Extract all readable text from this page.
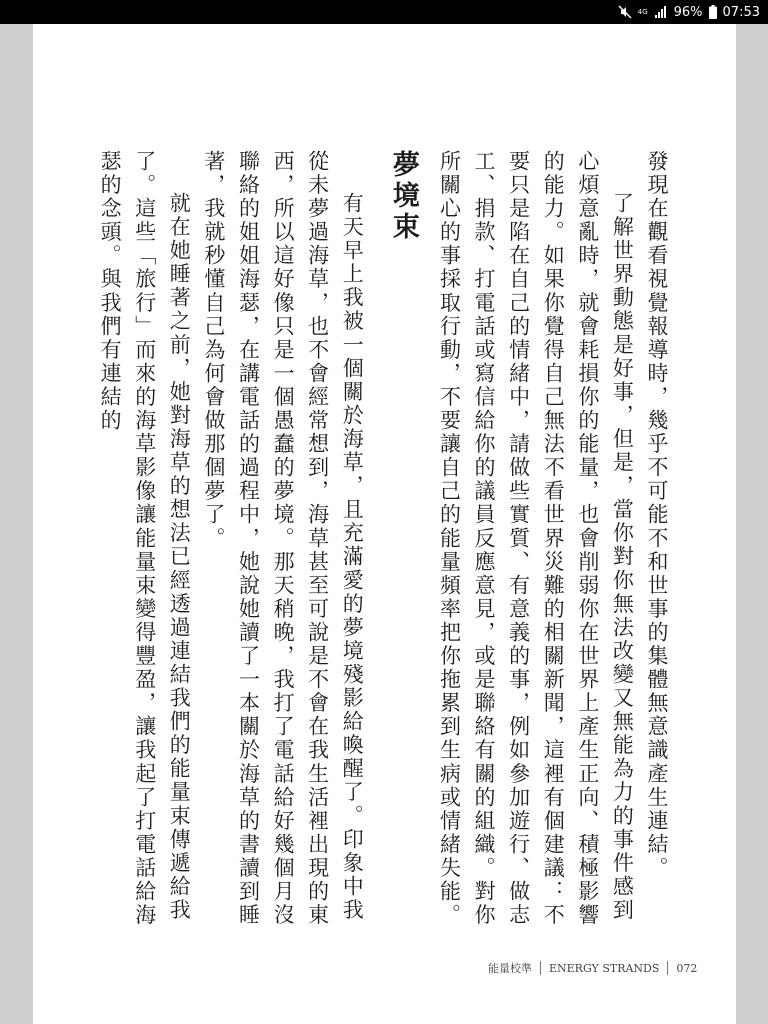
4G 96% 07:53

發現在觀看視覺報導時，幾乎不可能不和世事的集體無意識產生連結。

了解世界動態是好事，但是，當你對你無法改變又無能為力的事件感到心煩意亂時，就會耗損你的能量，也會削弱你在世界上產生正向、積極影響的能力。如果你覺得自己無法不看世界災難的相關新聞，這裡有個建議：不要只是陷在自己的情緒中，請做些實質、有意義的事，例如參加遊行、做志工、捐款、打電話或寫信給你的議員反應意見，或是聯絡有關的組織。對你所關心的事採取行動，不要讓自己的能量頻率把你拖累到生病或情緒失能。

夢境束

有天早上我被一個關於海草，且充滿愛的夢境殘影給喚醒了。印象中我從未夢過海草，也不會經常想到，海草甚至可說是不會在我生活裡出現的東西，所以這好像只是一個愚蠢的夢境。那天稍晚，我打了電話給好幾個月沒聯絡的姐姐海瑟，在講電話的過程中，她說她讀了一本關於海草的書讀到睡著，我就秒懂自己為何會做那個夢了。

就在她睡著之前，她對海草的想法已經透過連結我們的能量束傳遞給我了。這些「旅行」而來的海草影像讓能量束變得豐盈，讓我起了打電話給海瑟的念頭。與我們有連結的

能量校準 ENERGY STRANDS 072
